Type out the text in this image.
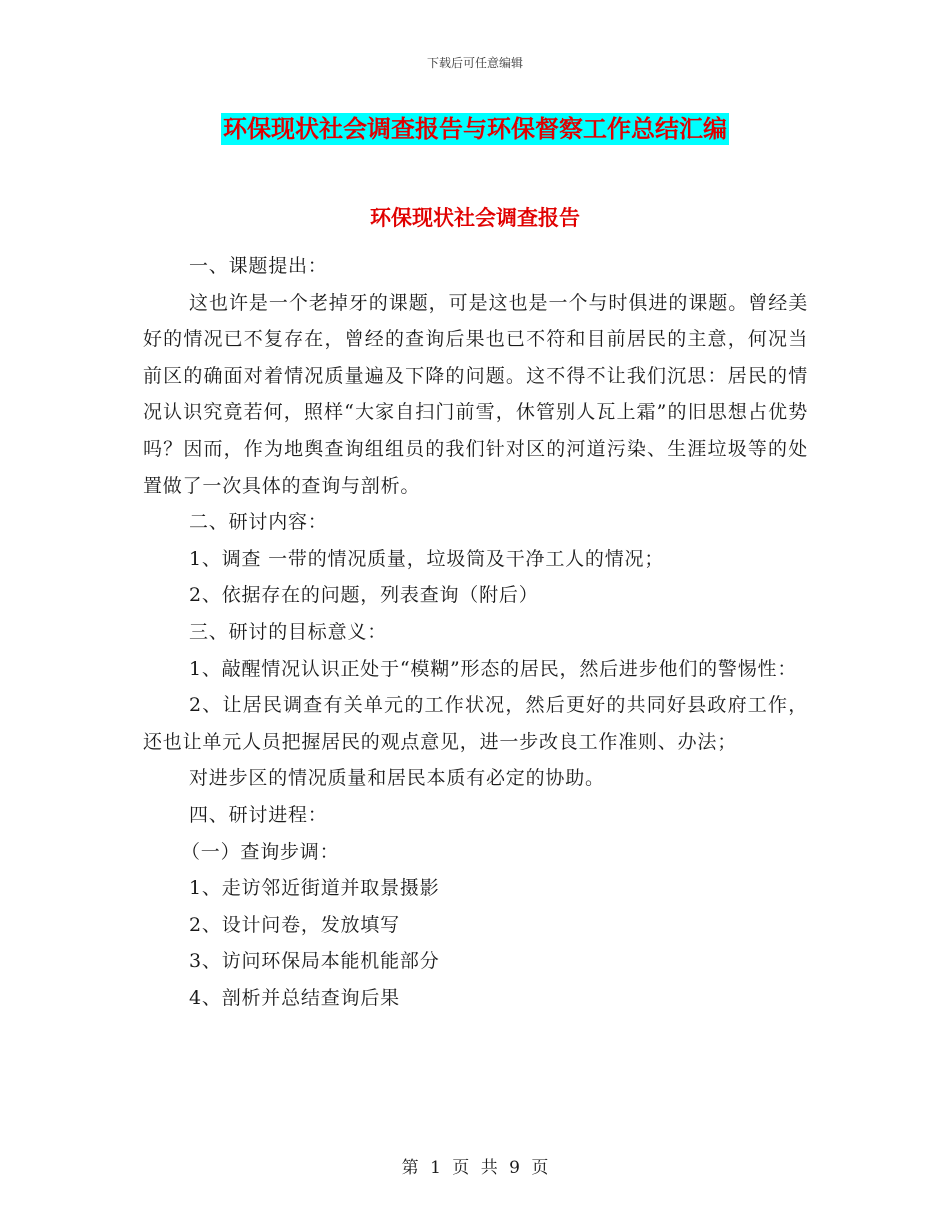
下载后可任意编辑
环保现状社会调查报告与环保督察工作总结汇编
环保现状社会调查报告

一、课题提出：

这也许是一个老掉牙的课题，可是这也是一个与时俱进的课题。曾经美好的情况已不复存在，曾经的查询后果也已不符和目前居民的主意，何况当前区的确面对着情况质量遍及下降的问题。这不得不让我们沉思：居民的情况认识究竟若何，照样“大家自扫门前雪，休管别人瓦上霜”的旧思想占优势吗？因而，作为地舆查询组组员的我们针对区的河道污染、生涯垃圾等的处置做了一次具体的查询与剖析。

二、研讨内容：

1、调查 一带的情况质量，垃圾筒及干净工人的情况；

2、依据存在的问题，列表查询（附后）

三、研讨的目标意义：

1、敲醒情况认识正处于“模糊”形态的居民，然后进步他们的警惕性：

2、让居民调查有关单元的工作状况，然后更好的共同好县政府工作，还也让单元人员把握居民的观点意见，进一步改良工作准则、办法；

对进步区的情况质量和居民本质有必定的协助。

四、研讨进程：

（一）查询步调：

1、走访邻近街道并取景摄影

2、设计问卷，发放填写

3、访问环保局本能机能部分

4、剖析并总结查询后果

第 1 页 共 9 页
